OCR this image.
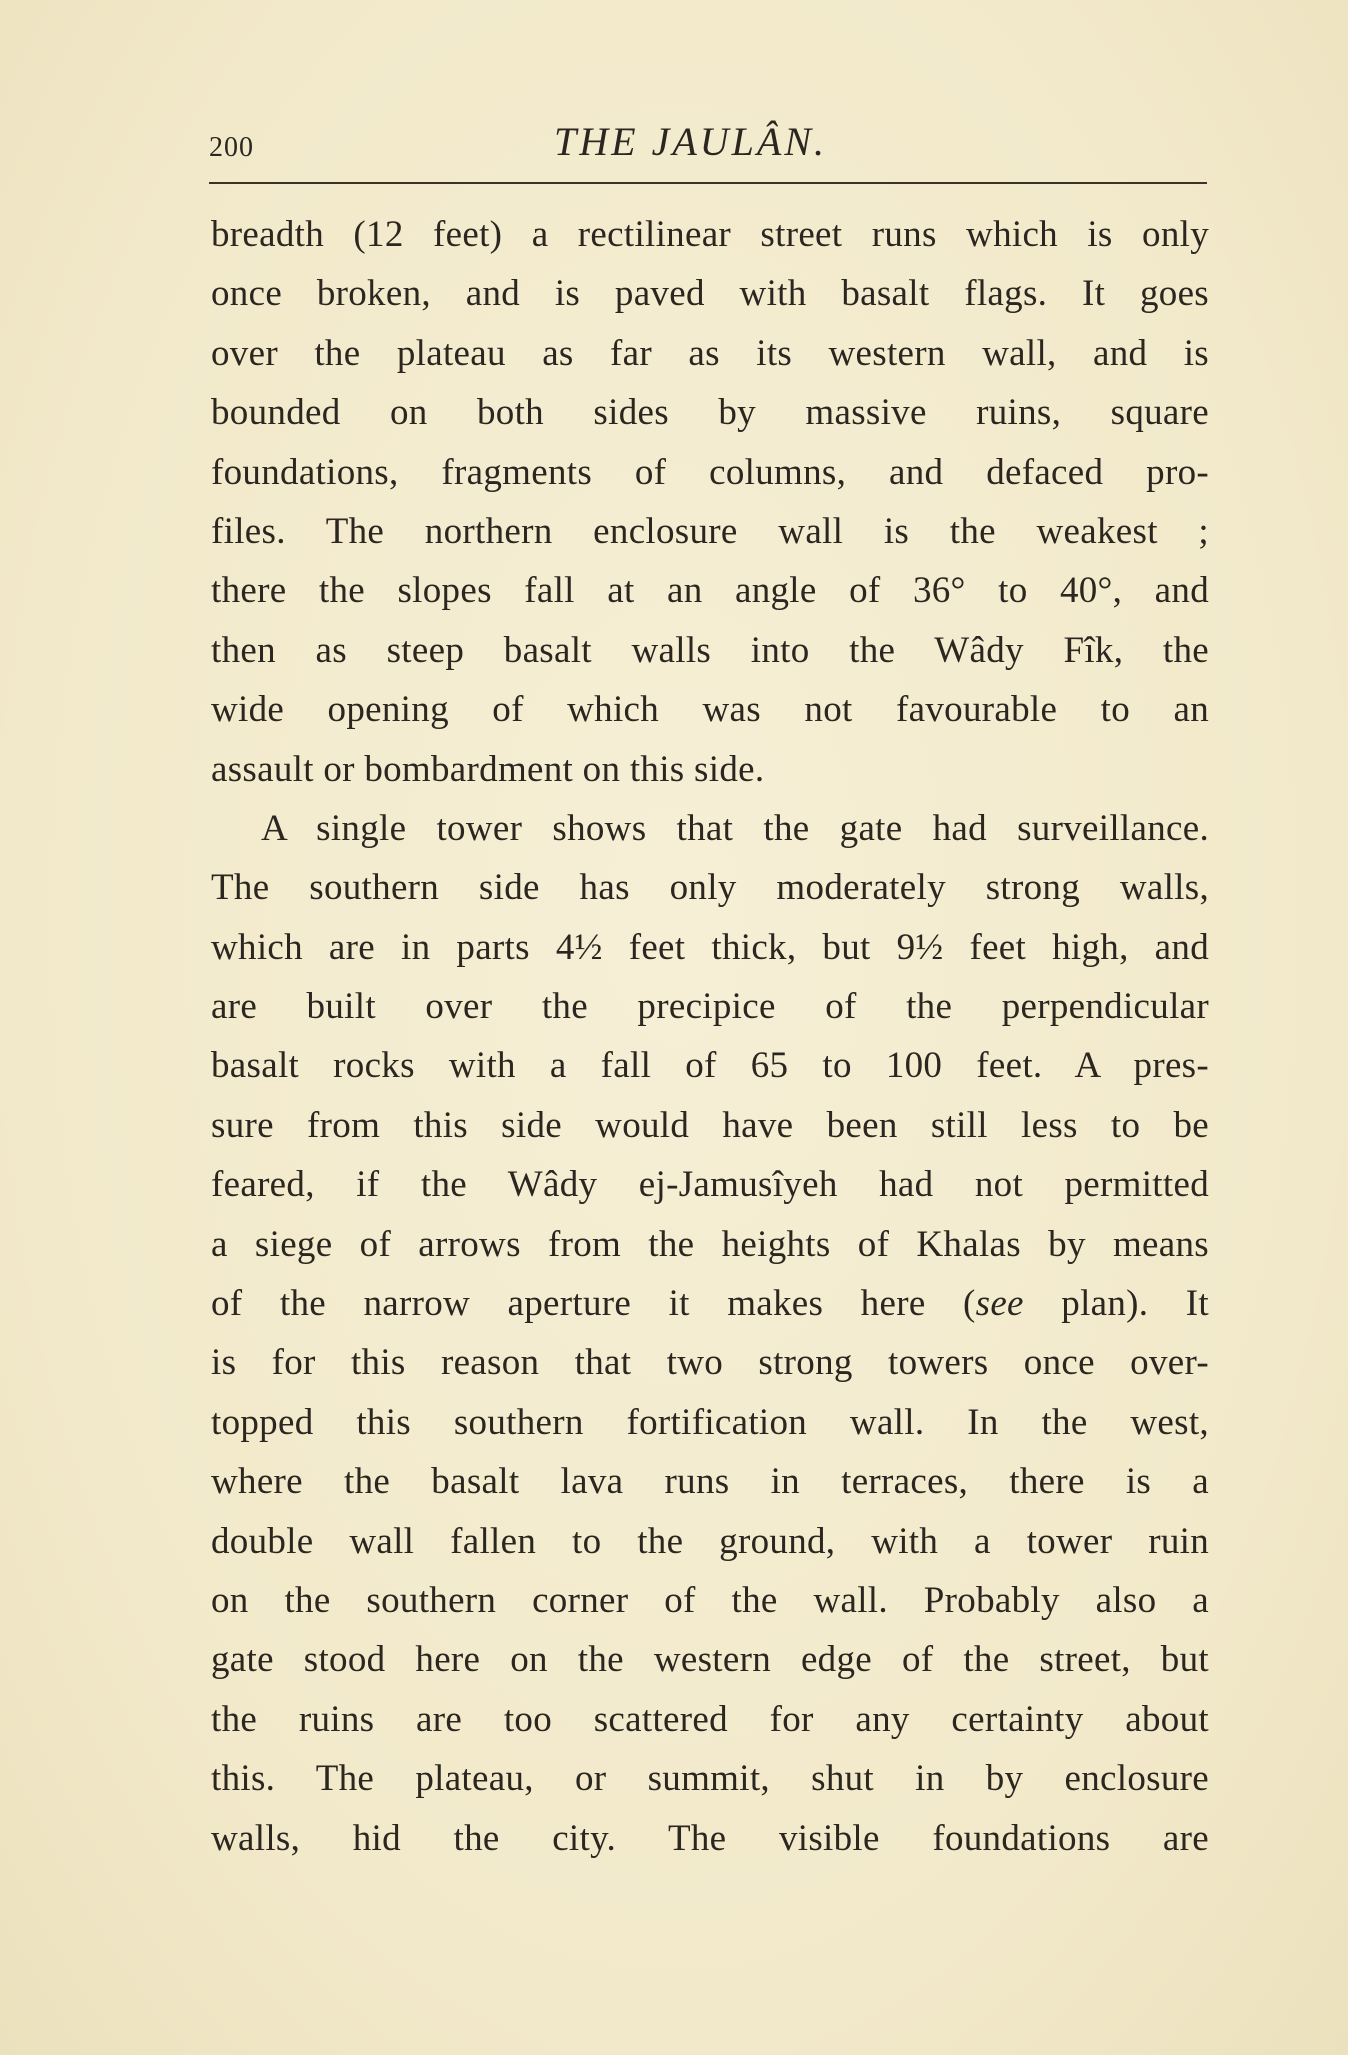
200	THE JAULÂN.
breadth (12 feet) a rectilinear street runs which is only
once broken, and is paved with basalt flags. It goes
over the plateau as far as its western wall, and is
bounded on both sides by massive ruins, square
foundations, fragments of columns, and defaced pro-
files. The northern enclosure wall is the weakest ;
there the slopes fall at an angle of 36° to 40°, and
then as steep basalt walls into the Wâdy Fîk, the
wide opening of which was not favourable to an
assault or bombardment on this side.
A single tower shows that the gate had surveillance.
The southern side has only moderately strong walls,
which are in parts 4½ feet thick, but 9½ feet high, and
are built over the precipice of the perpendicular
basalt rocks with a fall of 65 to 100 feet. A pres-
sure from this side would have been still less to be
feared, if the Wâdy ej-Jamusîyeh had not permitted
a siege of arrows from the heights of Khalas by means
of the narrow aperture it makes here (see plan). It
is for this reason that two strong towers once over-
topped this southern fortification wall. In the west,
where the basalt lava runs in terraces, there is a
double wall fallen to the ground, with a tower ruin
on the southern corner of the wall. Probably also a
gate stood here on the western edge of the street, but
the ruins are too scattered for any certainty about
this. The plateau, or summit, shut in by enclosure
walls, hid the city. The visible foundations are
